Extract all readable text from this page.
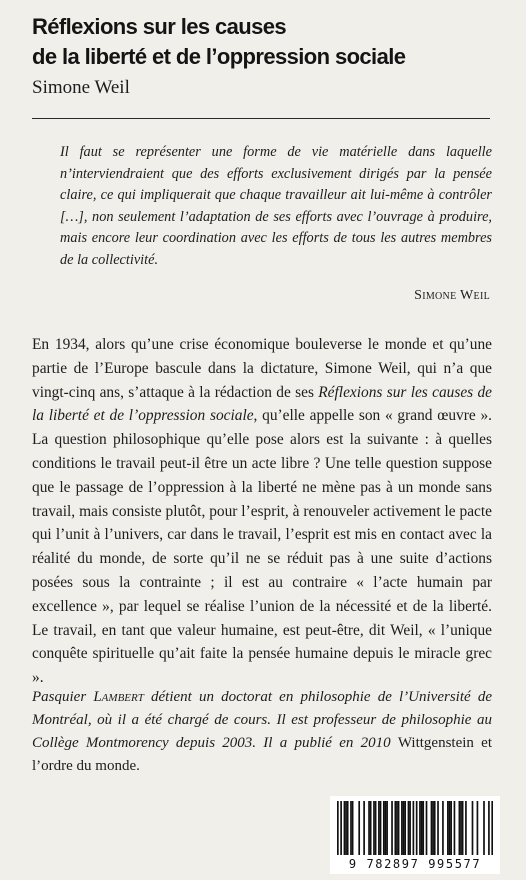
Réflexions sur les causes
de la liberté et de l’oppression sociale
Simone Weil
Il faut se représenter une forme de vie matérielle dans laquelle n’interviendraient que des efforts exclusivement dirigés par la pensée claire, ce qui impliquerait que chaque travailleur ait lui-même à contrôler […], non seulement l’adaptation de ses efforts avec l’ouvrage à produire, mais encore leur coordination avec les efforts de tous les autres membres de la collectivité.
Simone Weil
En 1934, alors qu’une crise économique bouleverse le monde et qu’une partie de l’Europe bascule dans la dictature, Simone Weil, qui n’a que vingt-cinq ans, s’attaque à la rédaction de ses Réflexions sur les causes de la liberté et de l’oppression sociale, qu’elle appelle son « grand œuvre ». La question philosophique qu’elle pose alors est la suivante : à quelles conditions le travail peut-il être un acte libre ? Une telle question suppose que le passage de l’oppression à la liberté ne mène pas à un monde sans travail, mais consiste plutôt, pour l’esprit, à renouveler activement le pacte qui l’unit à l’univers, car dans le travail, l’esprit est mis en contact avec la réalité du monde, de sorte qu’il ne se réduit pas à une suite d’actions posées sous la contrainte ; il est au contraire « l’acte humain par excellence », par lequel se réalise l’union de la nécessité et de la liberté. Le travail, en tant que valeur humaine, est peut-être, dit Weil, « l’unique conquête spirituelle qu’ait faite la pensée humaine depuis le miracle grec ».
Pasquier Lambert détient un doctorat en philosophie de l’Université de Montréal, où il a été chargé de cours. Il est professeur de philosophie au Collège Montmorency depuis 2003. Il a publié en 2010 Wittgenstein et l’ordre du monde.
9 782897 995577
